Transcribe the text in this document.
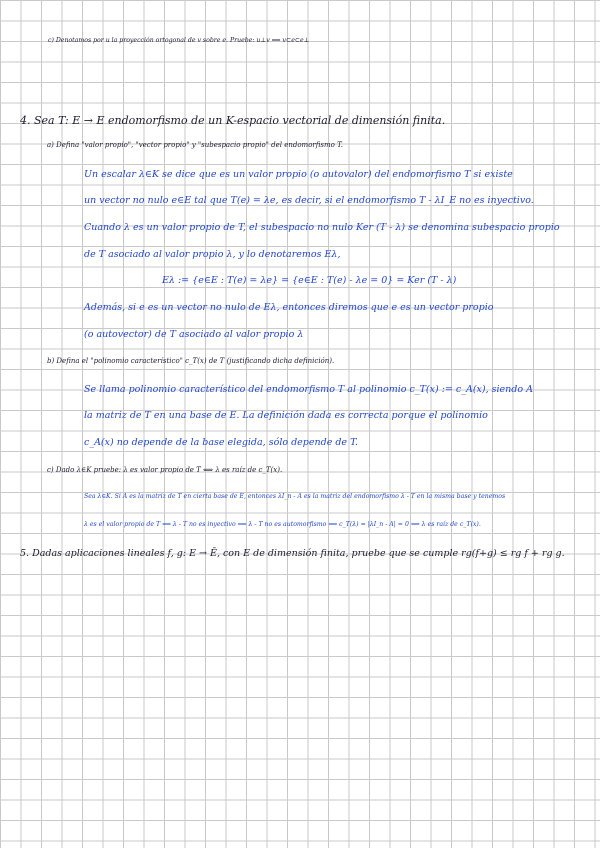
c) Denotamos por u la proyección ortogonal de v sobre e. Pruebe: u⊥v ⟺ v⊂e⊂e⊥
4. Sea T: E → E endomorfismo de un K-espacio vectorial de dimensión finita.
a) Defina "valor propio", "vector propio" y "subespacio propio" del endomorfismo T.
Un escalar λ∈K se dice que es un valor propio (o autovalor) del endomorfismo T si existe
un vector no nulo e∈E tal que T(e) = λe, es decir, si el endomorfismo T - λI_E no es inyectivo.
Cuando λ es un valor propio de T, el subespacio no nulo Ker (T - λ) se denomina subespacio propio
de T asociado al valor propio λ, y lo denotaremos Eλ,
Eλ := {e∈E : T(e) = λe} = {e∈E : T(e) - λe = 0} = Ker (T - λ)
Además, si e es un vector no nulo de Eλ, entonces diremos que e es un vector propio
(o autovector) de T asociado al valor propio λ
b) Defina el "polinomio característico" c_T(x) de T (justificando dicha definición).
Se llama polinomio característico del endomorfismo T al polinomio c_T(x) := c_A(x), siendo A
la matriz de T en una base de E. La definición dada es correcta porque el polinomio
c_A(x) no depende de la base elegida, sólo depende de T.
c) Dado λ∈K pruebe: λ es valor propio de T ⟺ λ es raíz de c_T(x).
Sea λ∈K. Si A es la matriz de T en cierta base de E, entonces λI_n - A es la matriz del endomorfismo λ - T en la misma base y tenemos
λ es el valor propio de T ⟺ λ - T no es inyectivo ⟺ λ - T no es automorfismo ⟺ c_T(λ) = |λI_n - A| = 0 ⟺ λ es raíz de c_T(x).
5. Dadas aplicaciones lineales f, g: E → Ē, con E de dimensión finita, pruebe que se cumple rg(f+g) ≤ rg f + rg g.
